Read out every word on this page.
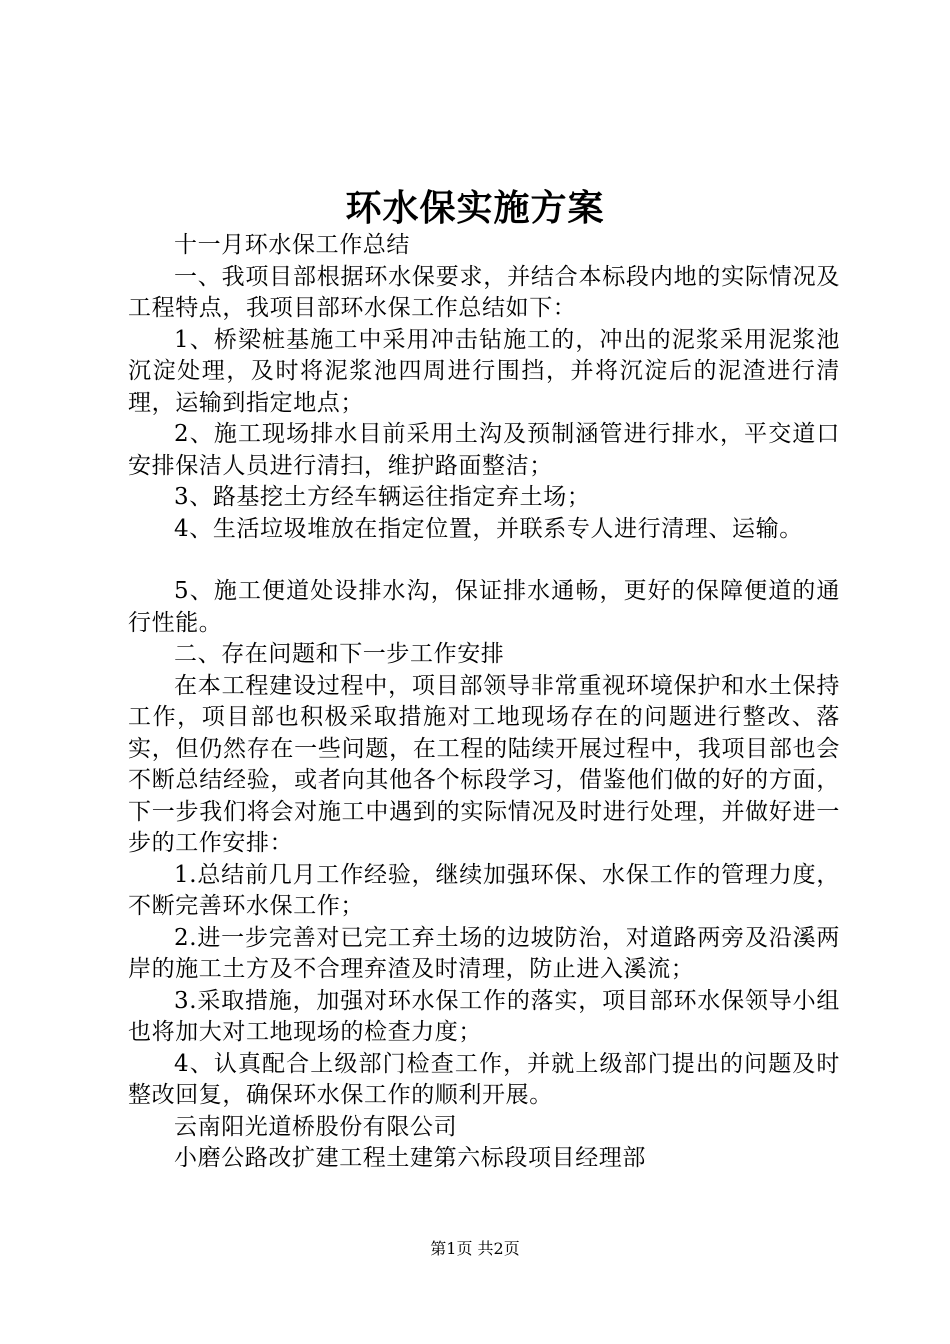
环水保实施方案

十一月环水保工作总结

一、我项目部根据环水保要求，并结合本标段内地的实际情况及工程特点，我项目部环水保工作总结如下：

1、桥梁桩基施工中采用冲击钻施工的，冲出的泥浆采用泥浆池沉淀处理，及时将泥浆池四周进行围挡，并将沉淀后的泥渣进行清理，运输到指定地点；

2、施工现场排水目前采用土沟及预制涵管进行排水，平交道口安排保洁人员进行清扫，维护路面整洁；

3、路基挖土方经车辆运往指定弃土场；

4、生活垃圾堆放在指定位置，并联系专人进行清理、运输。

5、施工便道处设排水沟，保证排水通畅，更好的保障便道的通行性能。

二、存在问题和下一步工作安排

在本工程建设过程中，项目部领导非常重视环境保护和水土保持工作，项目部也积极采取措施对工地现场存在的问题进行整改、落实，但仍然存在一些问题，在工程的陆续开展过程中，我项目部也会不断总结经验，或者向其他各个标段学习，借鉴他们做的好的方面，下一步我们将会对施工中遇到的实际情况及时进行处理，并做好进一步的工作安排：

1.总结前几月工作经验，继续加强环保、水保工作的管理力度，不断完善环水保工作；

2.进一步完善对已完工弃土场的边坡防治，对道路两旁及沿溪两岸的施工土方及不合理弃渣及时清理，防止进入溪流；

3.采取措施，加强对环水保工作的落实，项目部环水保领导小组也将加大对工地现场的检查力度；

4、认真配合上级部门检查工作，并就上级部门提出的问题及时整改回复，确保环水保工作的顺利开展。

云南阳光道桥股份有限公司

小磨公路改扩建工程土建第六标段项目经理部

第1页 共2页
